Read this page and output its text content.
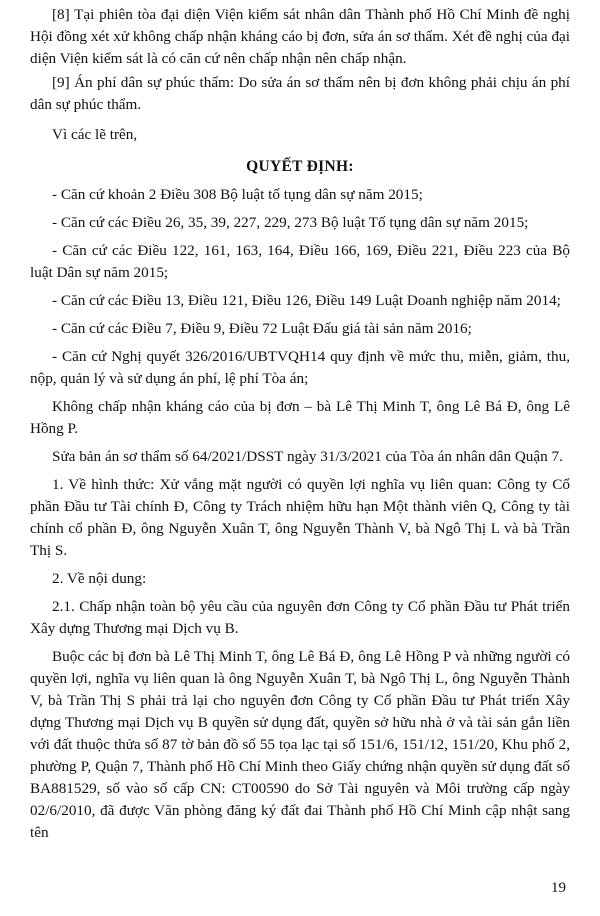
[8] Tại phiên tòa đại diện Viện kiểm sát nhân dân Thành phố Hồ Chí Minh đề nghị Hội đồng xét xử không chấp nhận kháng cáo bị đơn, sửa án sơ thẩm. Xét đề nghị của đại diện Viện kiểm sát là có căn cứ nên chấp nhận nên chấp nhận.

[9] Án phí dân sự phúc thẩm: Do sửa án sơ thẩm nên bị đơn không phải chịu án phí dân sự phúc thẩm.

Vì các lẽ trên,

QUYẾT ĐỊNH:

- Căn cứ khoản 2 Điều 308 Bộ luật tố tụng dân sự năm 2015;

- Căn cứ các Điều 26, 35, 39, 227, 229, 273 Bộ luật Tố tụng dân sự năm 2015;

- Căn cứ các Điều 122, 161, 163, 164, Điều 166, 169, Điều 221, Điều 223 của Bộ luật Dân sự năm 2015;

- Căn cứ các Điều 13, Điều 121, Điều 126, Điều 149 Luật Doanh nghiệp năm 2014;

- Căn cứ các Điều 7, Điều 9, Điều 72 Luật Đấu giá tài sản năm 2016;

- Căn cứ Nghị quyết 326/2016/UBTVQH14 quy định về mức thu, miễn, giảm, thu, nộp, quản lý và sử dụng án phí, lệ phí Tòa án;

Không chấp nhận kháng cáo của bị đơn – bà Lê Thị Minh T, ông Lê Bá Đ, ông Lê Hồng P.

Sửa bản án sơ thẩm số 64/2021/DSST ngày 31/3/2021 của Tòa án nhân dân Quận 7.

1. Về hình thức: Xử vắng mặt người có quyền lợi nghĩa vụ liên quan: Công ty Cổ phần Đầu tư Tài chính Đ, Công ty Trách nhiệm hữu hạn Một thành viên Q, Công ty tài chính cổ phần Đ, ông Nguyễn Xuân T, ông Nguyễn Thành V, bà Ngô Thị L và bà Trần Thị S.

2. Về nội dung:

2.1. Chấp nhận toàn bộ yêu cầu của nguyên đơn Công ty Cổ phần Đầu tư Phát triển Xây dựng Thương mại Dịch vụ B.

Buộc các bị đơn bà Lê Thị Minh T, ông Lê Bá Đ, ông Lê Hồng P và những người có quyền lợi, nghĩa vụ liên quan là ông Nguyễn Xuân T, bà Ngô Thị L, ông Nguyễn Thành V, bà Trần Thị S phải trả lại cho nguyên đơn Công ty Cổ phần Đầu tư Phát triển Xây dựng Thương mại Dịch vụ B quyền sử dụng đất, quyền sở hữu nhà ở và tài sản gắn liền với đất thuộc thửa số 87 tờ bản đồ số 55 tọa lạc tại số 151/6, 151/12, 151/20, Khu phố 2, phường P, Quận 7, Thành phố Hồ Chí Minh theo Giấy chứng nhận quyền sử dụng đất số BA881529, số vào số cấp CN: CT00590 do Sở Tài nguyên và Môi trường cấp ngày 02/6/2010, đã được Văn phòng đăng ký đất đai Thành phố Hồ Chí Minh cập nhật sang tên

19
